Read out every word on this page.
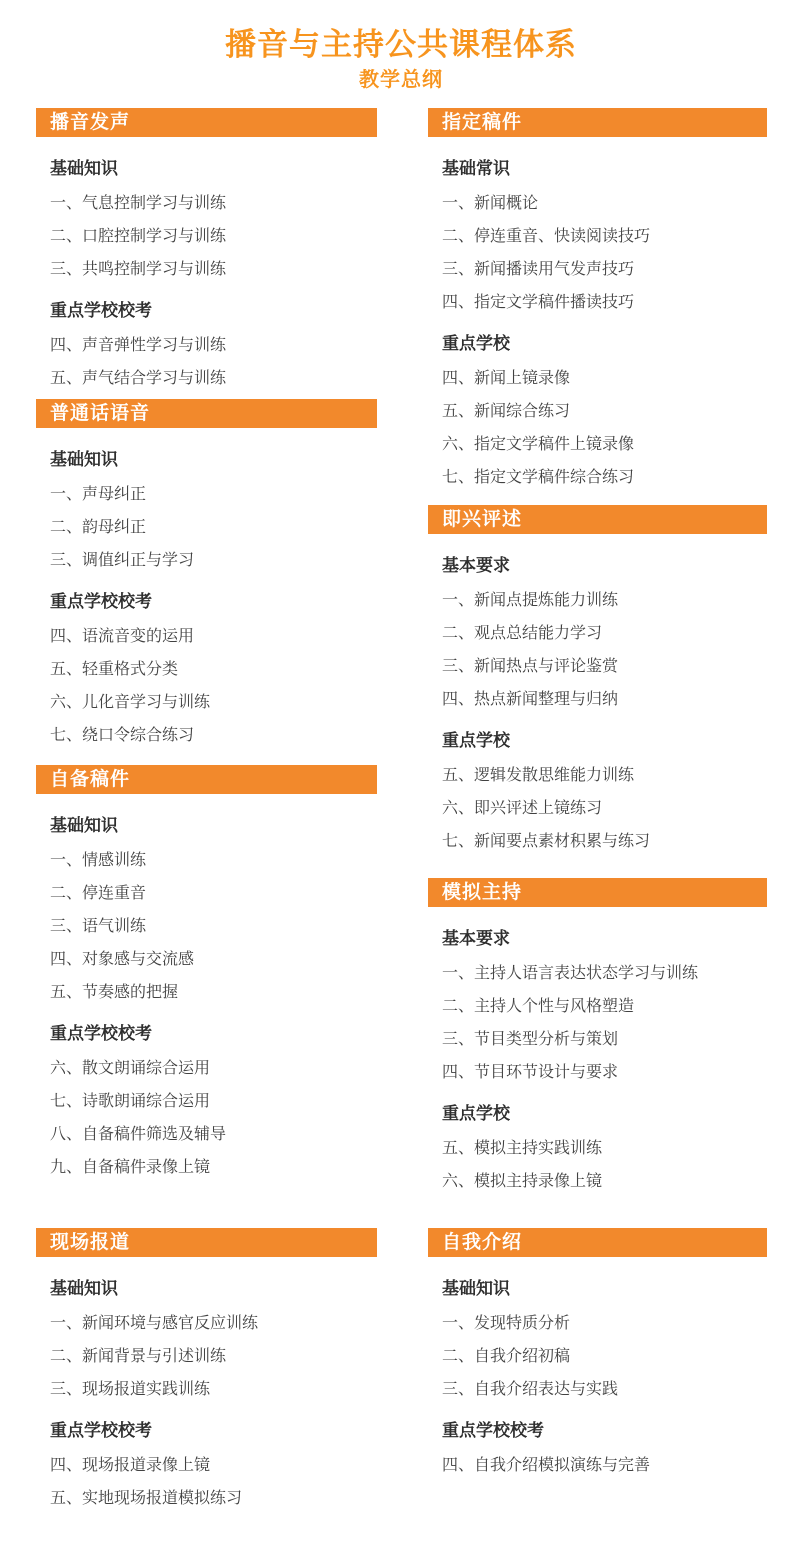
播音与主持公共课程体系
教学总纲
播音发声
基础知识
一、气息控制学习与训练
二、口腔控制学习与训练
三、共鸣控制学习与训练
重点学校校考
四、声音弹性学习与训练
五、声气结合学习与训练
普通话语音
基础知识
一、声母纠正
二、韵母纠正
三、调值纠正与学习
重点学校校考
四、语流音变的运用
五、轻重格式分类
六、儿化音学习与训练
七、绕口令综合练习
自备稿件
基础知识
一、情感训练
二、停连重音
三、语气训练
四、对象感与交流感
五、节奏感的把握
重点学校校考
六、散文朗诵综合运用
七、诗歌朗诵综合运用
八、自备稿件筛选及辅导
九、自备稿件录像上镜
现场报道
基础知识
一、新闻环境与感官反应训练
二、新闻背景与引述训练
三、现场报道实践训练
重点学校校考
四、现场报道录像上镜
五、实地现场报道模拟练习
指定稿件
基础常识
一、新闻概论
二、停连重音、快读阅读技巧
三、新闻播读用气发声技巧
四、指定文学稿件播读技巧
重点学校
四、新闻上镜录像
五、新闻综合练习
六、指定文学稿件上镜录像
七、指定文学稿件综合练习
即兴评述
基本要求
一、新闻点提炼能力训练
二、观点总结能力学习
三、新闻热点与评论鉴赏
四、热点新闻整理与归纳
重点学校
五、逻辑发散思维能力训练
六、即兴评述上镜练习
七、新闻要点素材积累与练习
模拟主持
基本要求
一、主持人语言表达状态学习与训练
二、主持人个性与风格塑造
三、节目类型分析与策划
四、节目环节设计与要求
重点学校
五、模拟主持实践训练
六、模拟主持录像上镜
自我介绍
基础知识
一、发现特质分析
二、自我介绍初稿
三、自我介绍表达与实践
重点学校校考
四、自我介绍模拟演练与完善
